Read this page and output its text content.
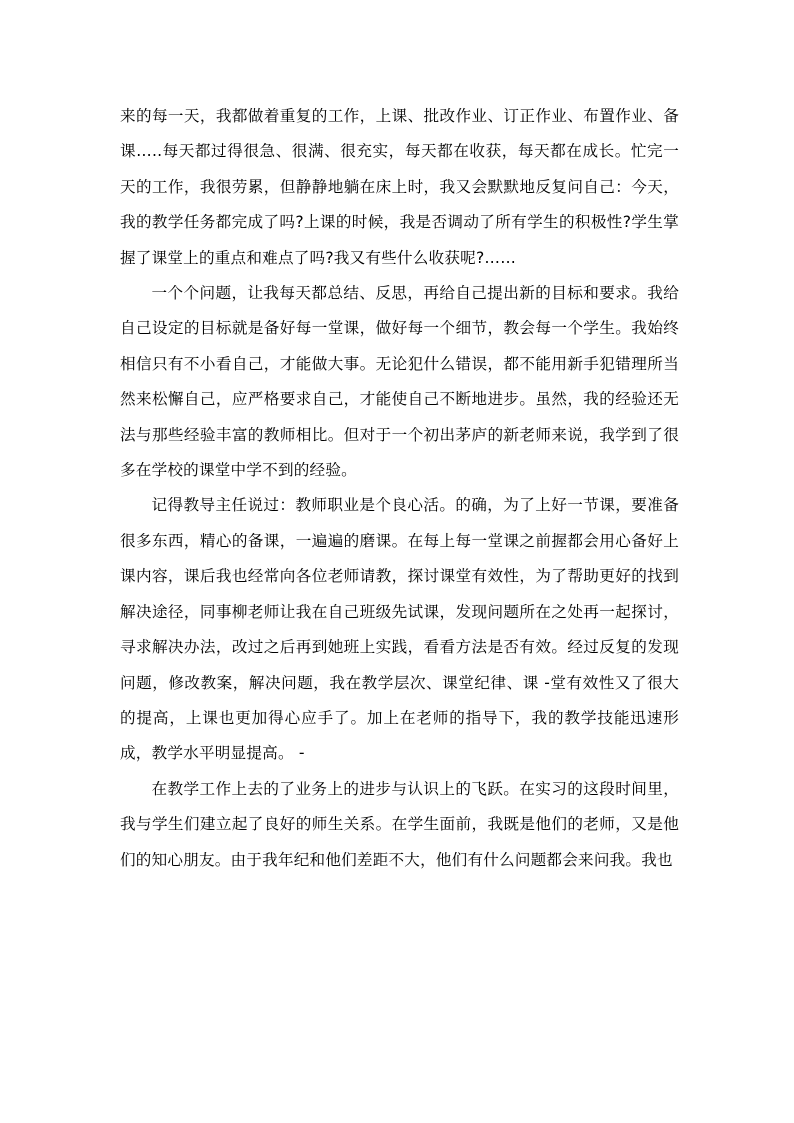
来的每一天，我都做着重复的工作，上课、批改作业、订正作业、布置作业、备课…..每天都过得很急、很满、很充实，每天都在收获，每天都在成长。忙完一天的工作，我很劳累，但静静地躺在床上时，我又会默默地反复问自己：今天，我的教学任务都完成了吗?上课的时候，我是否调动了所有学生的积极性?学生掌握了课堂上的重点和难点了吗?我又有些什么收获呢?……

一个个问题，让我每天都总结、反思，再给自己提出新的目标和要求。我给自己设定的目标就是备好每一堂课，做好每一个细节，教会每一个学生。我始终相信只有不小看自己，才能做大事。无论犯什么错误，都不能用新手犯错理所当然来松懈自己，应严格要求自己，才能使自己不断地进步。虽然，我的经验还无法与那些经验丰富的教师相比。但对于一个初出茅庐的新老师来说，我学到了很多在学校的课堂中学不到的经验。

记得教导主任说过：教师职业是个良心活。的确，为了上好一节课，要准备很多东西，精心的备课，一遍遍的磨课。在每上每一堂课之前握都会用心备好上课内容，课后我也经常向各位老师请教，探讨课堂有效性，为了帮助更好的找到解决途径，同事柳老师让我在自己班级先试课，发现问题所在之处再一起探讨，寻求解决办法，改过之后再到她班上实践，看看方法是否有效。经过反复的发现问题，修改教案，解决问题，我在教学层次、课堂纪律、课 -堂有效性又了很大的提高，上课也更加得心应手了。加上在老师的指导下，我的教学技能迅速形成，教学水平明显提高。 -

在教学工作上去的了业务上的进步与认识上的飞跃。在实习的这段时间里，我与学生们建立起了良好的师生关系。在学生面前，我既是他们的老师，又是他们的知心朋友。由于我年纪和他们差距不大，他们有什么问题都会来问我。我也
